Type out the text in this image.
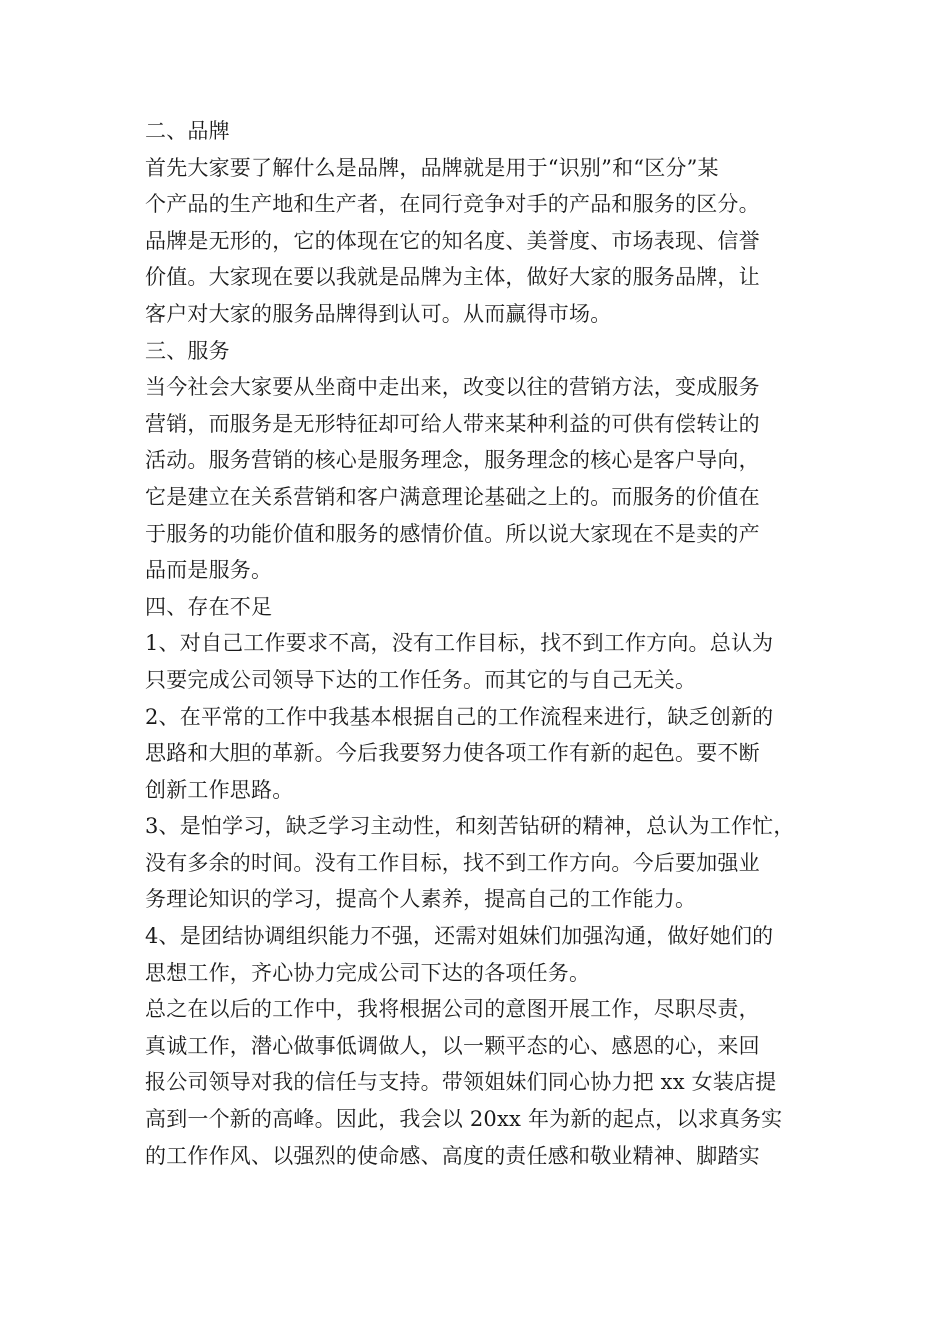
二、品牌
首先大家要了解什么是品牌，品牌就是用于“识别”和“区分”某
个产品的生产地和生产者，在同行竞争对手的产品和服务的区分。
品牌是无形的，它的体现在它的知名度、美誉度、市场表现、信誉
价值。大家现在要以我就是品牌为主体，做好大家的服务品牌，让
客户对大家的服务品牌得到认可。从而赢得市场。
三、服务
当今社会大家要从坐商中走出来，改变以往的营销方法，变成服务
营销，而服务是无形特征却可给人带来某种利益的可供有偿转让的
活动。服务营销的核心是服务理念，服务理念的核心是客户导向，
它是建立在关系营销和客户满意理论基础之上的。而服务的价值在
于服务的功能价值和服务的感情价值。所以说大家现在不是卖的产
品而是服务。
四、存在不足
1、对自己工作要求不高，没有工作目标，找不到工作方向。总认为
只要完成公司领导下达的工作任务。而其它的与自己无关。
2、在平常的工作中我基本根据自己的工作流程来进行，缺乏创新的
思路和大胆的革新。今后我要努力使各项工作有新的起色。要不断
创新工作思路。
3、是怕学习，缺乏学习主动性，和刻苦钻研的精神，总认为工作忙，
没有多余的时间。没有工作目标，找不到工作方向。今后要加强业
务理论知识的学习，提高个人素养，提高自己的工作能力。
4、是团结协调组织能力不强，还需对姐妹们加强沟通，做好她们的
思想工作，齐心协力完成公司下达的各项任务。
总之在以后的工作中，我将根据公司的意图开展工作，尽职尽责，
真诚工作，潜心做事低调做人，以一颗平态的心、感恩的心，来回
报公司领导对我的信任与支持。带领姐妹们同心协力把 xx 女装店提
高到一个新的高峰。因此，我会以 20xx 年为新的起点，以求真务实
的工作作风、以强烈的使命感、高度的责任感和敬业精神、脚踏实
